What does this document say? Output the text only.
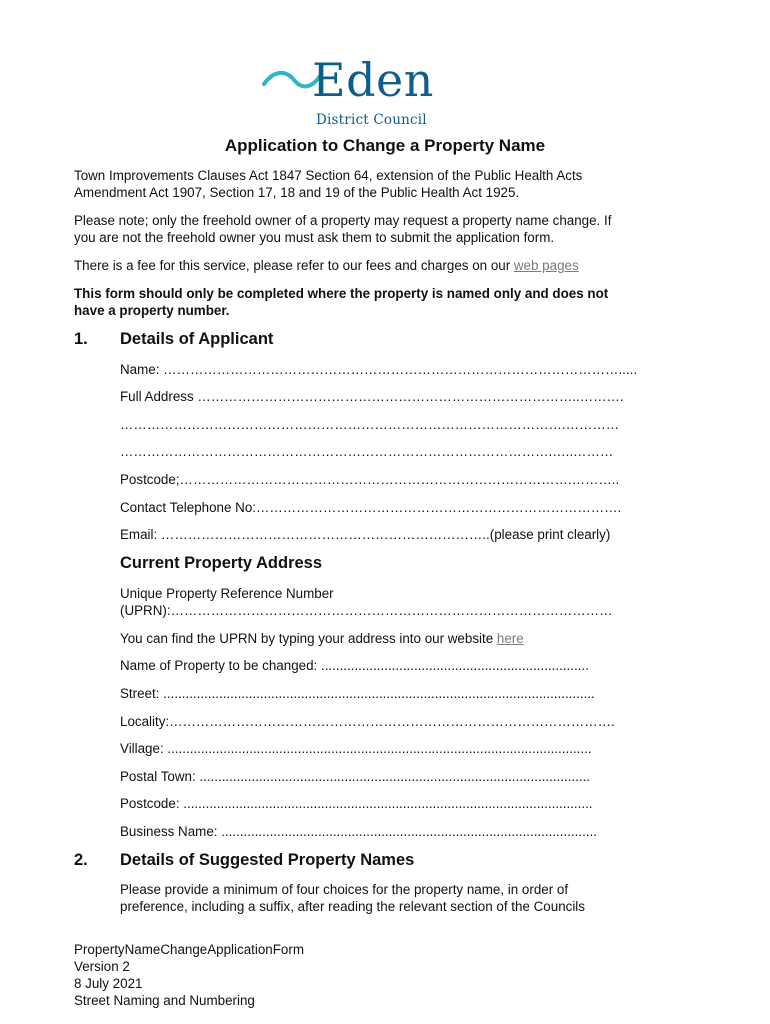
Eden
District Council
Application to Change a Property Name
Town Improvements Clauses Act 1847 Section 64, extension of the Public Health Acts
Amendment Act 1907, Section 17, 18 and 19 of the Public Health Act 1925.
Please note; only the freehold owner of a property may request a property name change. If
you are not the freehold owner you must ask them to submit the application form.
There is a fee for this service, please refer to our fees and charges on our web pages
This form should only be completed where the property is named only and does not
have a property number.
1. Details of Applicant
Name: ………………………………………………………………………………………….....
Full Address …………………………………………………………………………..……….
……………………………………………………………………………………….…………
…………………………………………………………………………………….…..………
Postcode;…………………………………………………………………………….………..
Contact Telephone No:……………………………………………………………………….
Email: ………………………………………………………………..(please print clearly)
Current Property Address
Unique Property Reference Number
(UPRN):………………………………………………………………………………………
You can find the UPRN by typing your address into our website here
Name of Property to be changed: ........................................................................
Street: ....................................................................................................................
Locality:……………………………………………………………………………………….
Village: ..................................................................................................................
Postal Town: .........................................................................................................
Postcode: ..............................................................................................................
Business Name: .....................................................................................................
2. Details of Suggested Property Names
Please provide a minimum of four choices for the property name, in order of
preference, including a suffix, after reading the relevant section of the Councils
PropertyNameChangeApplicationForm
Version 2
8 July 2021
Street Naming and Numbering
